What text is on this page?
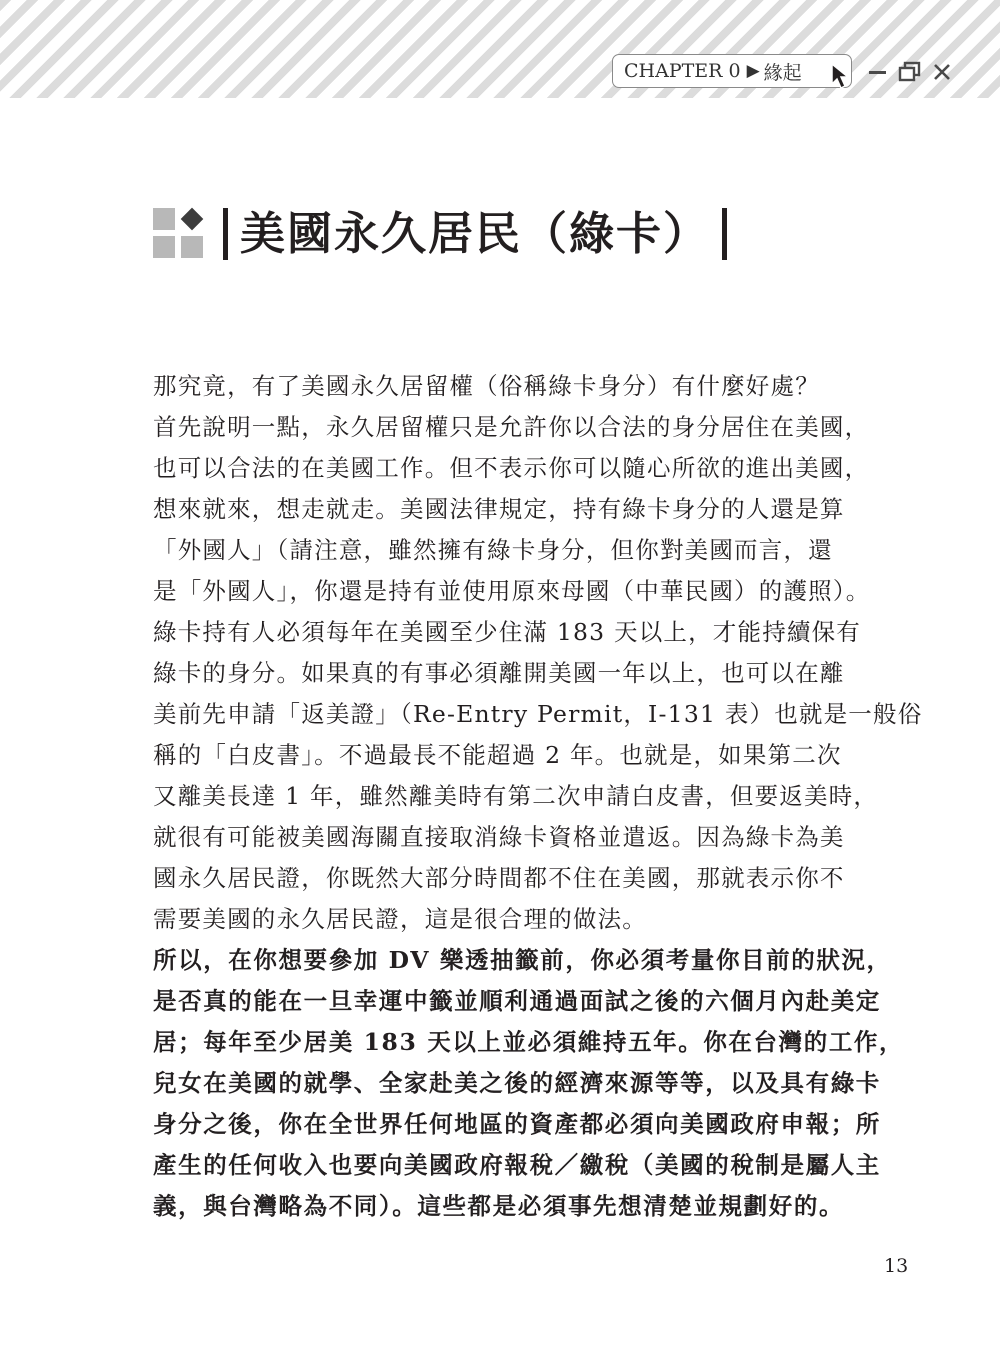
CHAPTER 0 ▶ 緣起
美國永久居民（綠卡）
那究竟，有了美國永久居留權（俗稱綠卡身分）有什麼好處？
首先說明一點，永久居留權只是允許你以合法的身分居住在美國，
也可以合法的在美國工作。但不表示你可以隨心所欲的進出美國，
想來就來，想走就走。美國法律規定，持有綠卡身分的人還是算
「外國人」（請注意，雖然擁有綠卡身分，但你對美國而言，還
是「外國人」，你還是持有並使用原來母國（中華民國）的護照）。
綠卡持有人必須每年在美國至少住滿 183 天以上，才能持續保有
綠卡的身分。如果真的有事必須離開美國一年以上，也可以在離
美前先申請「返美證」（Re-Entry Permit，I-131 表）也就是一般俗
稱的「白皮書」。不過最長不能超過 2 年。也就是，如果第二次
又離美長達 1 年，雖然離美時有第二次申請白皮書，但要返美時，
就很有可能被美國海關直接取消綠卡資格並遣返。因為綠卡為美
國永久居民證，你既然大部分時間都不住在美國，那就表示你不
需要美國的永久居民證，這是很合理的做法。
所以，在你想要參加 DV 樂透抽籤前，你必須考量你目前的狀況，
是否真的能在一旦幸運中籤並順利通過面試之後的六個月內赴美定
居；每年至少居美 183 天以上並必須維持五年。你在台灣的工作，
兒女在美國的就學、全家赴美之後的經濟來源等等，以及具有綠卡
身分之後，你在全世界任何地區的資產都必須向美國政府申報；所
產生的任何收入也要向美國政府報稅／繳稅（美國的稅制是屬人主
義，與台灣略為不同）。這些都是必須事先想清楚並規劃好的。
13
